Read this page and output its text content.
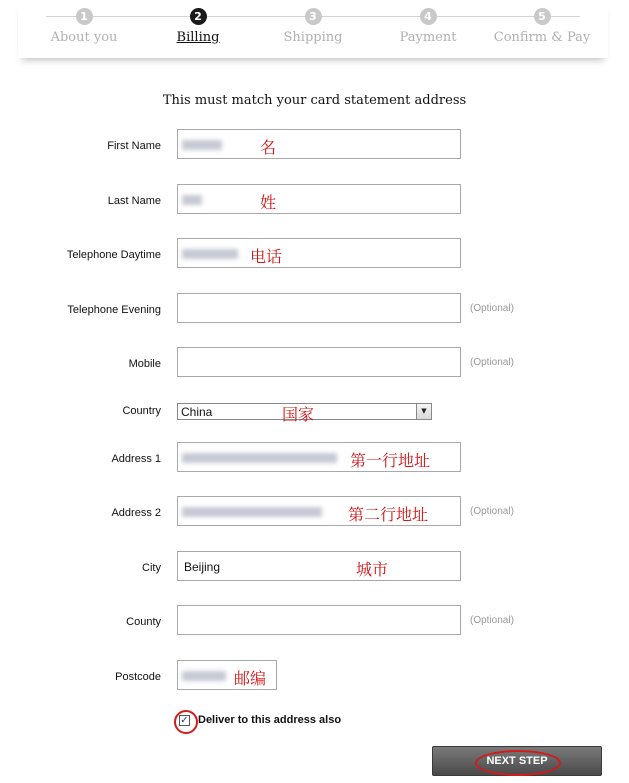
1
About you
2
Billing
3
Shipping
4
Payment
5
Confirm & Pay
This must match your card statement address
First Name	名
Last Name	姓
Telephone Daytime	电话
Telephone Evening	(Optional)
Mobile	(Optional)
Country China	▼
国家
Address 1	第一行地址
Address 2	第二行地址	(Optional)
City Beijing	城市
County	(Optional)
Postcode	邮编
✓ Deliver to this address also
NEXT STEP
